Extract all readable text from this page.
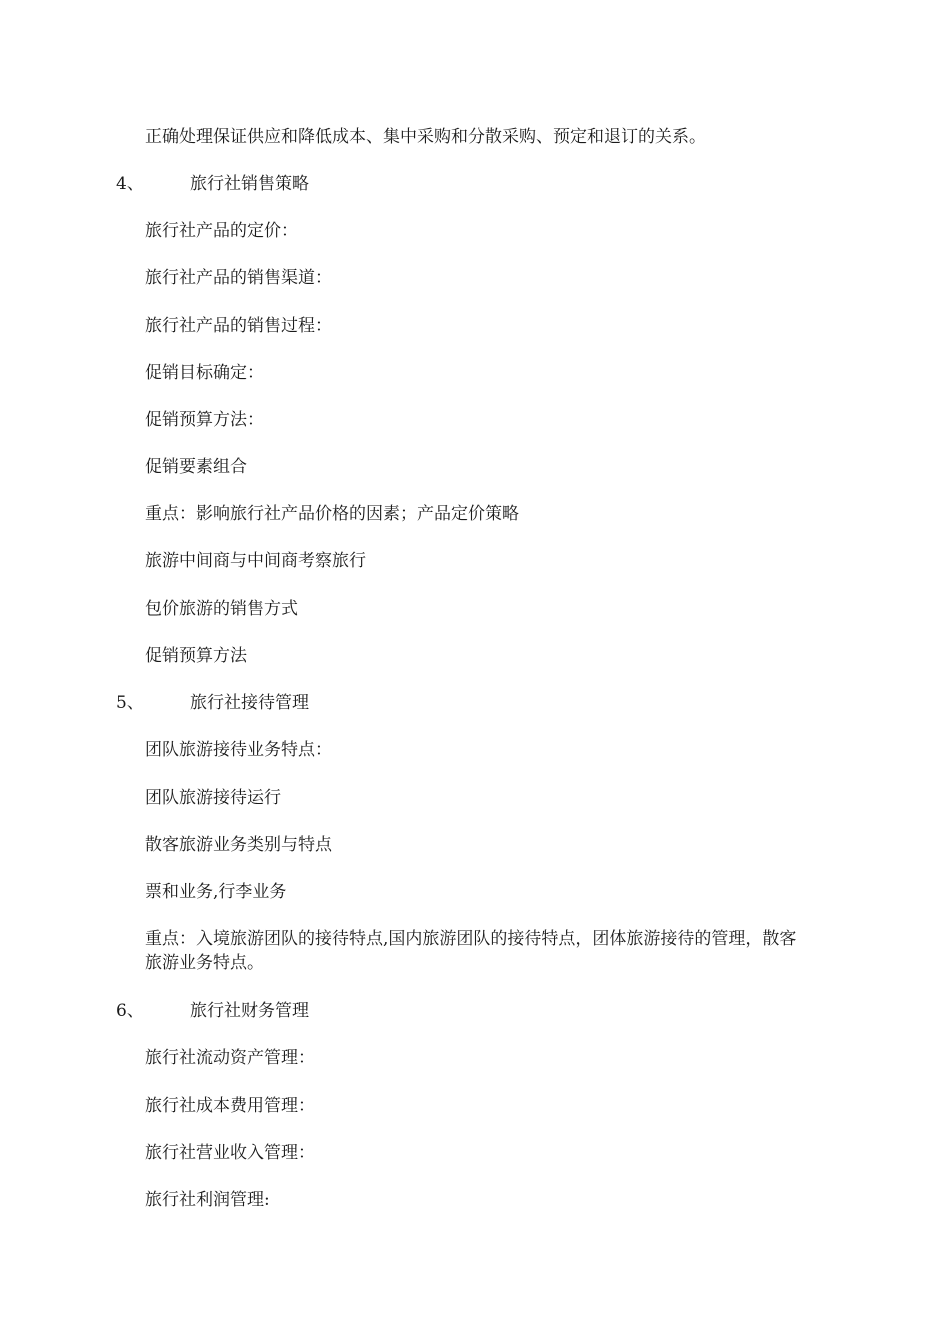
正确处理保证供应和降低成本、集中采购和分散采购、预定和退订的关系。
4、	旅行社销售策略
旅行社产品的定价：
旅行社产品的销售渠道：
旅行社产品的销售过程：
促销目标确定：
促销预算方法：
促销要素组合
重点：影响旅行社产品价格的因素；产品定价策略
旅游中间商与中间商考察旅行
包价旅游的销售方式
促销预算方法
5、	旅行社接待管理
团队旅游接待业务特点：
团队旅游接待运行
散客旅游业务类别与特点
票和业务,行李业务
重点：入境旅游团队的接待特点,国内旅游团队的接待特点，团体旅游接待的管理，散客旅游业务特点。
6、	旅行社财务管理
旅行社流动资产管理：
旅行社成本费用管理：
旅行社营业收入管理：
旅行社利润管理:
